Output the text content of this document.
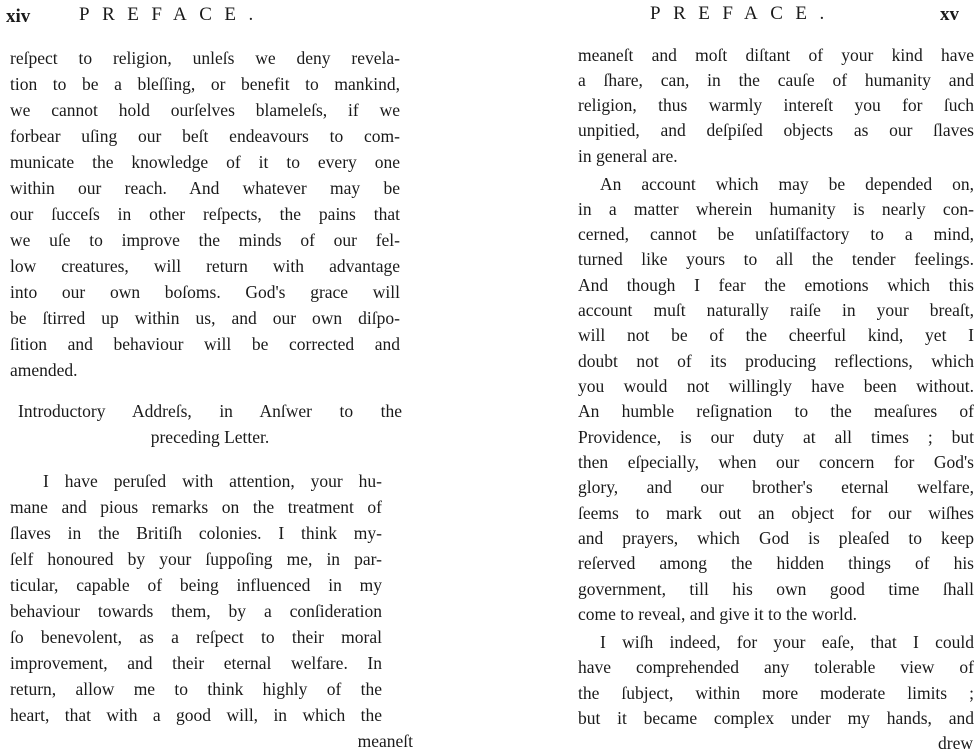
xiv	PREFACE.
reſpect to religion, unleſs we deny revela-
tion to be a bleſſing, or benefit to mankind,
we cannot hold ourſelves blameleſs, if we
forbear uſing our beſt endeavours to com-
municate the knowledge of it to every one
within our reach. And whatever may be
our ſucceſs in other reſpects, the pains that
we uſe to improve the minds of our fel-
low creatures, will return with advantage
into our own boſoms. God's grace will
be ſtirred up within us, and our own diſpo-
ſition and behaviour will be corrected and
amended.
Introductory Addreſs, in Anſwer to the
preceding Letter.
I have peruſed with attention, your hu-
mane and pious remarks on the treatment of
ſlaves in the Britiſh colonies. I think my-
ſelf honoured by your ſuppoſing me, in par-
ticular, capable of being influenced in my
behaviour towards them, by a conſideration
ſo benevolent, as a reſpect to their moral
improvement, and their eternal welfare. In
return, allow me to think highly of the
heart, that with a good will, in which the
meaneſt
PREFACE.	xv
meaneſt and moſt diſtant of your kind have
a ſhare, can, in the cauſe of humanity and
religion, thus warmly intereſt you for ſuch
unpitied, and deſpiſed objects as our ſlaves
in general are.
An account which may be depended on,
in a matter wherein humanity is nearly con-
cerned, cannot be unſatiſfactory to a mind,
turned like yours to all the tender feelings.
And though I fear the emotions which this
account muſt naturally raiſe in your breaſt,
will not be of the cheerful kind, yet I
doubt not of its producing reflections, which
you would not willingly have been without.
An humble reſignation to the meaſures of
Providence, is our duty at all times ; but
then eſpecially, when our concern for God's
glory, and our brother's eternal welfare,
ſeems to mark out an object for our wiſhes
and prayers, which God is pleaſed to keep
reſerved among the hidden things of his
government, till his own good time ſhall
come to reveal, and give it to the world.
I wiſh indeed, for your eaſe, that I could
have comprehended any tolerable view of
the ſubject, within more moderate limits ;
but it became complex under my hands, and
drew
